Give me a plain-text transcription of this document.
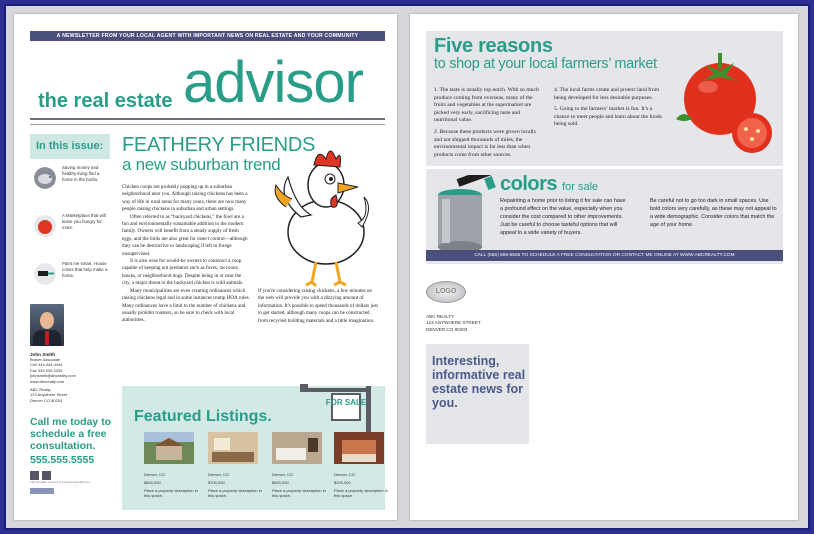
A NEWSLETTER FROM YOUR LOCAL AGENT WITH IMPORTANT NEWS ON REAL ESTATE AND YOUR COMMUNITY
the real estate advisor
In this issue:
Saving money and healthy living find a home in the burbs.
A Marketplace that will leave you hungry for more.
Paint me smart. House colors that help make a home.
John Smith
Broker Associate
Cell 444.444.4444
Fax 333.333.3333
johnsmith@abcrealty.com
www.abcrealty.com
ABC Realty
123 Anywhere Street
Denver CO 80203
Call me today to schedule a free consultation.
555.555.5555
This template courtesy of boosthomeprofile.com
FEATHERY FRIENDS
a new suburban trend

Chicken coops are probably popping up in a suburban neighborhood near you. Although raising chickens has been a way of life in rural areas for many years, there are now many people raising chickens in suburban and urban settings.

Often referred to as “backyard chickens,” the fowl are a fun and environmentally sustainable addition to the modern family. Owners will benefit from a steady supply of fresh eggs, and the birds are also great for insect control—although they can be destructive to landscaping if left to forage unsupervised.

It is also wise for would-be owners to construct a coop capable of keeping out predators such as foxes, raccoons, hawks, or neighborhood dogs. Despite being in or near the city, a major threat to the backyard chicken is wild animals.

Many municipalities are even creating ordinances which raising chickens legal and in some instances trump HOA rules. Many ordinances have a limit to the number of chickens and usually prohibit roosters, so be sure to check with local authorities.

If you're considering raising chickens, a few minutes on the web will provide you with a dizzying amount of information. It's possible to spend thousands of dollars just to get started, although many coops can be constructed from recycled building materials and a little imagination.

FOR SALE
Featured Listings.
Denver, CO
$800,000
Place a property description in this space.
Denver, CO
$700,000
Place a property description in this space.
Denver, CO
$500,000
Place a property description in this space.
Denver, CO
$200,000
Place a property description in this space.
Five reasons
to shop at your local farmers’ market

1. The taste is usually top notch. With so much produce coming from overseas, many of the fruits and vegetables at the supermarket are picked very early, sacrificing taste and nutritional value.

2. Because these products were grown locally and not shipped thousands of miles, the environmental impact is far less than when products come from other sources.

4. The local farms create and protect land from being developed for less desirable purposes.

5. Going to the farmers’ market is fun. It’s a chance to meet people and learn about the foods being sold.

colors for sale
Repainting a home prior to listing it for sale can have a profound effect on the value, especially when you consider the cost compared to other improvements. Just be careful to choose tasteful options that will appeal to a wide variety of buyers.
Be careful not to go too dark in small spaces. Use bold colors very carefully, as these may not appeal to a wide demographic. Consider colors that match the age of your home.
CALL (555) 555-5555 TO SCHEDULE A FREE CONSULTATION OR CONTACT ME ONLINE AT WWW.ABCREALTY.COM
LOGO
ABC REALTY
123 ANYWHERE STREET
DENVER CO 80203
Interesting, informative real estate news for you.
